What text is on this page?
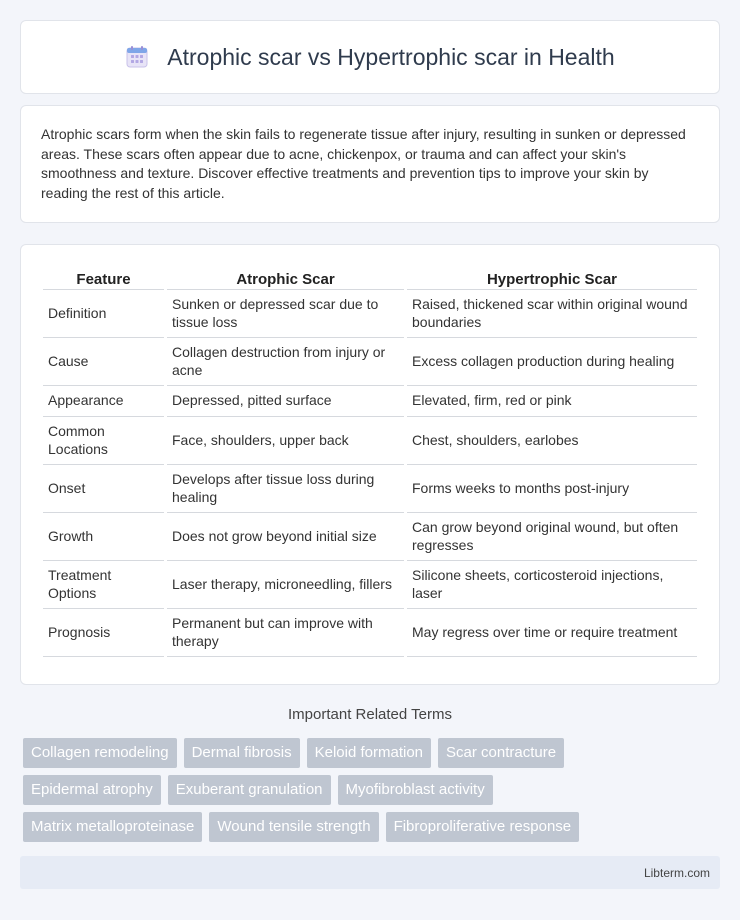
Atrophic scar vs Hypertrophic scar in Health

Atrophic scars form when the skin fails to regenerate tissue after injury, resulting in sunken or depressed areas. These scars often appear due to acne, chickenpox, or trauma and can affect your skin's smoothness and texture. Discover effective treatments and prevention tips to improve your skin by reading the rest of this article.

Feature	Atrophic Scar	Hypertrophic Scar
Definition	Sunken or depressed scar due to tissue loss	Raised, thickened scar within original wound boundaries
Cause	Collagen destruction from injury or acne	Excess collagen production during healing
Appearance	Depressed, pitted surface	Elevated, firm, red or pink
Common Locations	Face, shoulders, upper back	Chest, shoulders, earlobes
Onset	Develops after tissue loss during healing	Forms weeks to months post-injury
Growth	Does not grow beyond initial size	Can grow beyond original wound, but often regresses
Treatment Options	Laser therapy, microneedling, fillers	Silicone sheets, corticosteroid injections, laser
Prognosis	Permanent but can improve with therapy	May regress over time or require treatment
Important Related Terms
Collagen remodeling	Dermal fibrosis	Keloid formation	Scar contracture
Epidermal atrophy	Exuberant granulation	Myofibroblast activity
Matrix metalloproteinase	Wound tensile strength	Fibroproliferative response
Libterm.com
